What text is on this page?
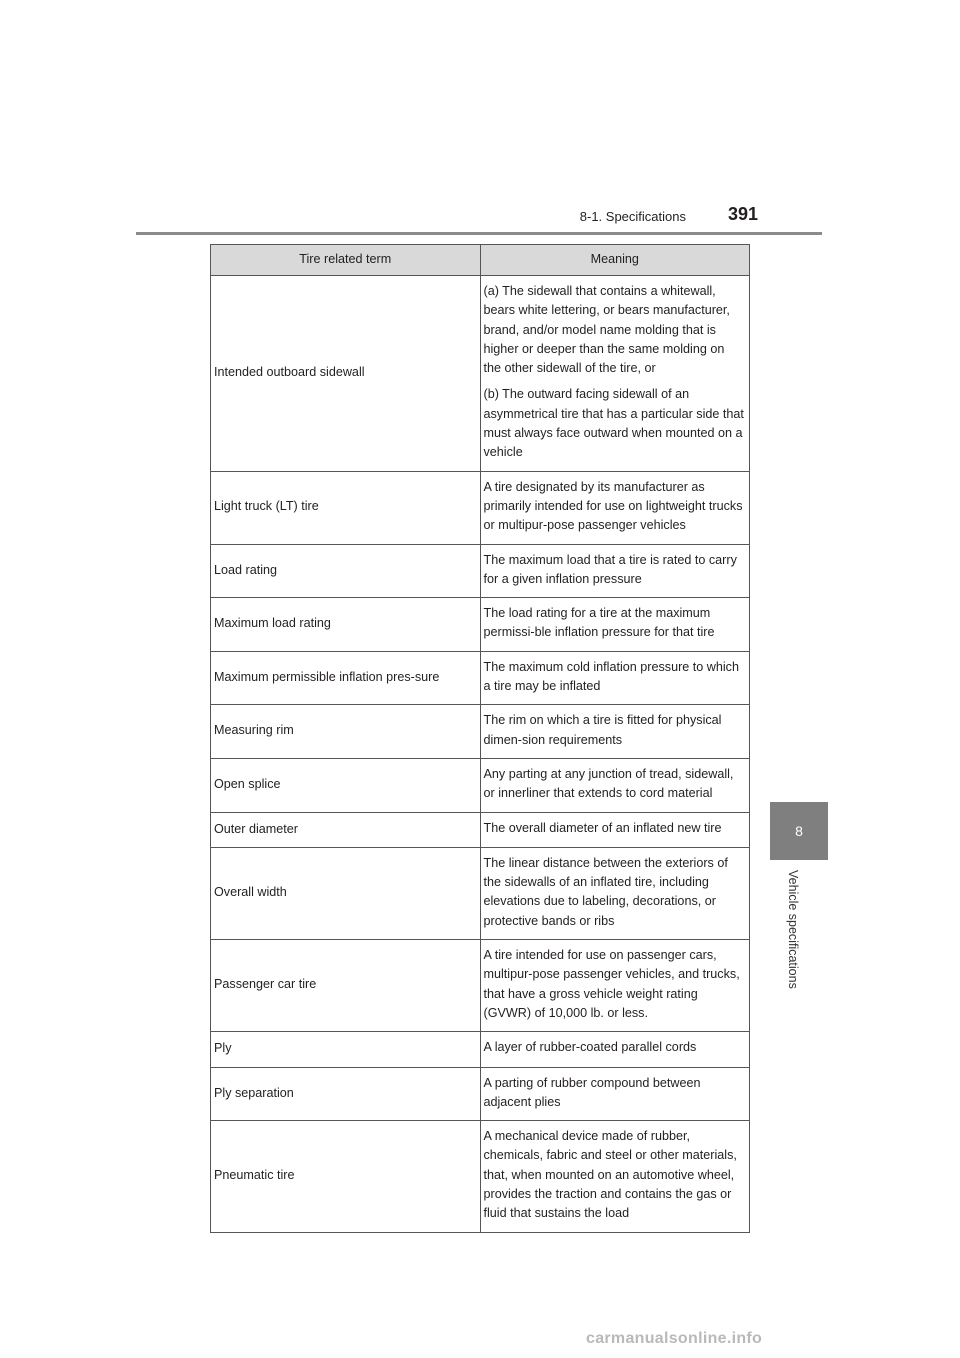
8-1. Specifications 391
8
Vehicle specifications
Tire related term	Meaning
Intended outboard sidewall	(a) The sidewall that contains a whitewall, bears white lettering, or bears manufacturer, brand, and/or model name molding that is higher or deeper than the same molding on the other sidewall of the tire, or

(b) The outward facing sidewall of an asymmetrical tire that has a particular side that must always face outward when mounted on a vehicle

Light truck (LT) tire	A tire designated by its manufacturer as primarily intended for use on lightweight trucks or multipur-pose passenger vehicles

Load rating	The maximum load that a tire is rated to carry for a given inflation pressure

Maximum load rating	The load rating for a tire at the maximum permissi-ble inflation pressure for that tire

Maximum permissible inflation pres-sure	The maximum cold inflation pressure to which a tire may be inflated

Measuring rim	The rim on which a tire is fitted for physical dimen-sion requirements

Open splice	Any parting at any junction of tread, sidewall, or innerliner that extends to cord material

Outer diameter	The overall diameter of an inflated new tire

Overall width	The linear distance between the exteriors of the sidewalls of an inflated tire, including elevations due to labeling, decorations, or protective bands or ribs

Passenger car tire	A tire intended for use on passenger cars, multipur-pose passenger vehicles, and trucks, that have a gross vehicle weight rating (GVWR) of 10,000 lb. or less.

Ply	A layer of rubber-coated parallel cords

Ply separation	A parting of rubber compound between adjacent plies

Pneumatic tire	A mechanical device made of rubber, chemicals, fabric and steel or other materials, that, when mounted on an automotive wheel, provides the traction and contains the gas or fluid that sustains the load

carmanualsonline.info
